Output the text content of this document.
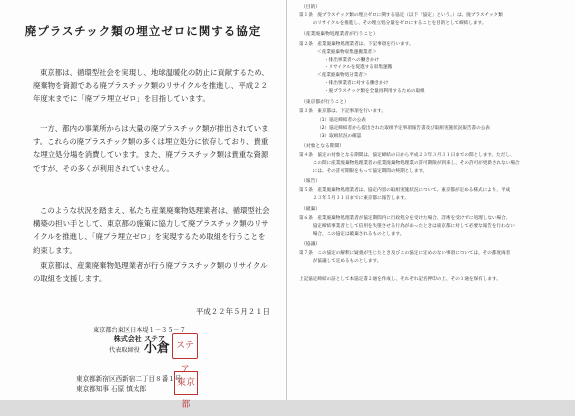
廃プラスチック類の埋立ゼロに関する協定

東京都は、循環型社会を実現し、地球温暖化の防止に貢献するため、廃棄物を資源である廃プラスチック類のリサイクルを推進し、平成２２年度末までに「廃プラ埋立ゼロ」を目指しています。

一方、都内の事業所からは大量の廃プラスチック類が排出されています。これらの廃プラスチック類の多くは埋立処分に依存しており、貴重な埋立処分場を消費しています。また、廃プラスチック類は貴重な資源ですが、その多くが利用されていません。

このような状況を踏まえ、私たち産業廃棄物処理業者は、循環型社会構築の担い手として、東京都の施策に協力して廃プラスチック類のリサイクルを推進し、「廃プラ埋立ゼロ」を実現するため取組を行うことを約束します。

東京都は、産業廃棄物処理業者が行う廃プラスチック類のリサイクルの取組を支援します。

平成２２年５月２１日
東京都台東区日本堤１－３５－７
株式会社 ステア
代表取締役 小倉 ステア
東京都新宿区西新宿二丁目８番１号
東京都知事 石原 慎太郎
東京都
（目的）
第１条　廃プラスチック類の埋立ゼロに関する協定（以下「協定」という。）は、廃プラスチック類
　　　のリサイクルを推進し、その埋立処分量をゼロにすることを目的として締結します。
（産業廃棄物処理業者が行うこと）
第２条　産業廃棄物処理業者は、下記事項を行います。
＜産業廃棄物収集運搬業者＞
・排出事業者への働きかけ
・リサイクルを促進する収集運搬
＜産業廃棄物処分業者＞
・排出事業者に対する働きかけ
・廃プラスチック類を全量再利用するための取組
（東京都が行うこと）
第３条　東京都は、下記事項を行います。
（1）協定締結者の公表
（2）協定締結者から提出された取組予定事項報告書及び取組実施状況報告書の公表
（3）取組状況の確認
（対象となる期間）
第４条　協定の対象となる期間は、協定締結の日から平成２３年３月３１日までの間とします。ただし、
　　　この間に産業廃棄物処理業者の産業廃棄物処理業の許可期限が到来し、その許可が更新されない場合
　　　には、その許可期限をもって協定期間の終期とします。
（報告）
第５条　産業廃棄物処理業者は、協定内容の取組実施状況について、東京都が定める様式により、平成
　　　２３年５月３１日までに東京都に報告します。
（破棄）
第６条　産業廃棄物処理業者が協定期間内に行政処分を受けた場合、詐術を受けずに処理しない場合、
　　　協定締結事業者として信用を失墜させる行為があったときは東京都に対して必要な報告を行わない
　　　場合、この協定は破棄されるものとします。
（協議）
第７条　この協定の解釈に疑義が生じたとき及びこの協定に定めのない事項については、その都度両者
　　　が協議して定めるものとします。
上記協定締結の証として本協定書２通を作成し、それぞれ記名押印の上、その１通を保有します。
